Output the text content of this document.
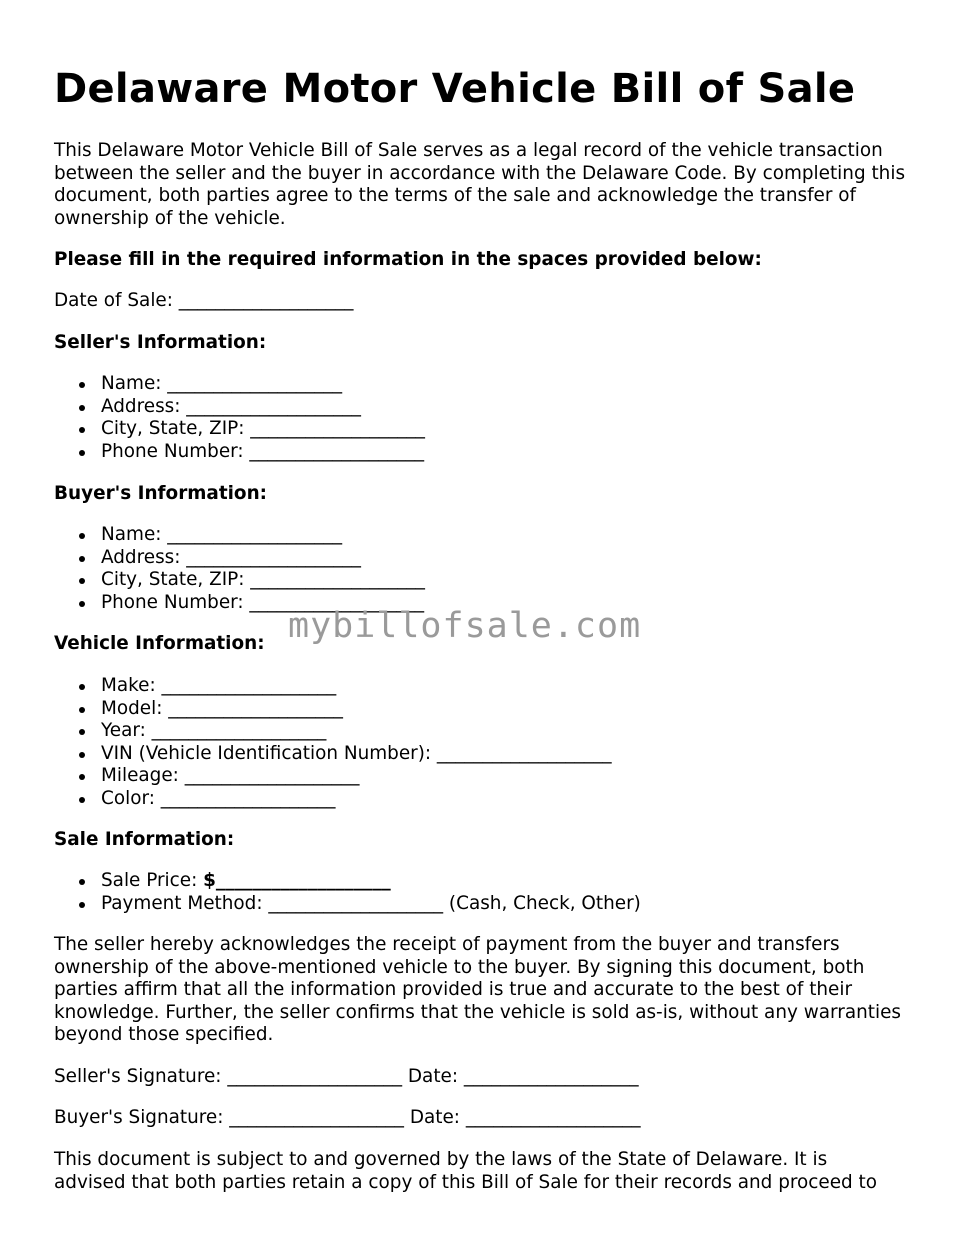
Delaware Motor Vehicle Bill of Sale

This Delaware Motor Vehicle Bill of Sale serves as a legal record of the vehicle transaction between the seller and the buyer in accordance with the Delaware Code. By completing this document, both parties agree to the terms of the sale and acknowledge the transfer of ownership of the vehicle.

Please fill in the required information in the spaces provided below:

Date of Sale: ___________________

Seller's Information:

Name: ___________________
Address: ___________________
City, State, ZIP: ___________________
Phone Number: ___________________

Buyer's Information:

Name: ___________________
Address: ___________________
City, State, ZIP: ___________________
Phone Number: ___________________

Vehicle Information:

Make: ___________________
Model: ___________________
Year: ___________________
VIN (Vehicle Identification Number): ___________________
Mileage: ___________________
Color: ___________________

Sale Information:

Sale Price: $___________________
Payment Method: ___________________ (Cash, Check, Other)

The seller hereby acknowledges the receipt of payment from the buyer and transfers ownership of the above-mentioned vehicle to the buyer. By signing this document, both parties affirm that all the information provided is true and accurate to the best of their knowledge. Further, the seller confirms that the vehicle is sold as-is, without any warranties beyond those specified.

Seller's Signature: ___________________ Date: ___________________

Buyer's Signature: ___________________ Date: ___________________

This document is subject to and governed by the laws of the State of Delaware. It is
advised that both parties retain a copy of this Bill of Sale for their records and proceed to
mybillofsale.com
